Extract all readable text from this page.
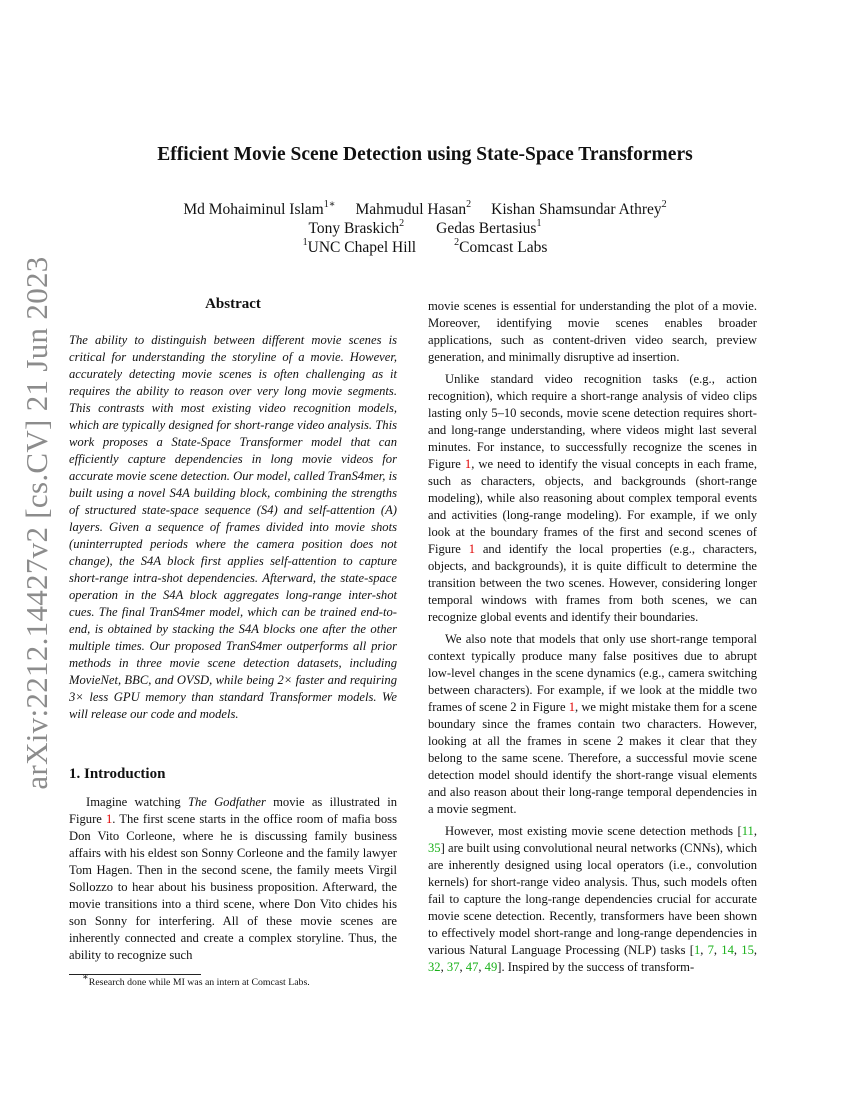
arXiv:2212.14427v2 [cs.CV] 21 Jun 2023
Efficient Movie Scene Detection using State-Space Transformers
Md Mohaiminul Islam$^{1∗}$ Mahmudul Hasan$^2$ Kishan Shamsundar Athrey$^2$
Tony Braskich$^2$ Gedas Bertasius$^1$
$^1$UNC Chapel Hill	$^2$Comcast Labs
Abstract

The ability to distinguish between different movie scenes is critical for understanding the storyline of a movie. However, accurately detecting movie scenes is often challenging as it requires the ability to reason over very long movie segments. This contrasts with most existing video recognition models, which are typically designed for short-range video analysis. This work proposes a State-Space Transformer model that can efficiently capture dependencies in long movie videos for accurate movie scene detection. Our model, called TranS4mer, is built using a novel S4A building block, combining the strengths of structured state-space sequence (S4) and self-attention (A) layers. Given a sequence of frames divided into movie shots (uninterrupted periods where the camera position does not change), the S4A block first applies self-attention to capture short-range intra-shot dependencies. Afterward, the state-space operation in the S4A block aggregates long-range inter-shot cues. The final TranS4mer model, which can be trained end-to-end, is obtained by stacking the S4A blocks one after the other multiple times. Our proposed TranS4mer outperforms all prior methods in three movie scene detection datasets, including MovieNet, BBC, and OVSD, while being 2× faster and requiring 3× less GPU memory than standard Transformer models. We will release our code and models.

1. Introduction

Imagine watching The Godfather movie as illustrated in Figure 1. The first scene starts in the office room of mafia boss Don Vito Corleone, where he is discussing family business affairs with his eldest son Sonny Corleone and the family lawyer Tom Hagen. Then in the second scene, the family meets Virgil Sollozzo to hear about his business proposition. Afterward, the movie transitions into a third scene, where Don Vito chides his son Sonny for interfering. All of these movie scenes are inherently connected and create a complex storyline. Thus, the ability to recognize such

∗Research done while MI was an intern at Comcast Labs.

movie scenes is essential for understanding the plot of a movie. Moreover, identifying movie scenes enables broader applications, such as content-driven video search, preview generation, and minimally disruptive ad insertion.

Unlike standard video recognition tasks (e.g., action recognition), which require a short-range analysis of video clips lasting only 5–10 seconds, movie scene detection requires short- and long-range understanding, where videos might last several minutes. For instance, to successfully recognize the scenes in Figure 1, we need to identify the visual concepts in each frame, such as characters, objects, and backgrounds (short-range modeling), while also reasoning about complex temporal events and activities (long-range modeling). For example, if we only look at the boundary frames of the first and second scenes of Figure 1 and identify the local properties (e.g., characters, objects, and backgrounds), it is quite difficult to determine the transition between the two scenes. However, considering longer temporal windows with frames from both scenes, we can recognize global events and identify their boundaries.

We also note that models that only use short-range temporal context typically produce many false positives due to abrupt low-level changes in the scene dynamics (e.g., camera switching between characters). For example, if we look at the middle two frames of scene 2 in Figure 1, we might mistake them for a scene boundary since the frames contain two characters. However, looking at all the frames in scene 2 makes it clear that they belong to the same scene. Therefore, a successful movie scene detection model should identify the short-range visual elements and also reason about their long-range temporal dependencies in a movie segment.

However, most existing movie scene detection methods [11, 35] are built using convolutional neural networks (CNNs), which are inherently designed using local operators (i.e., convolution kernels) for short-range video analysis. Thus, such models often fail to capture the long-range dependencies crucial for accurate movie scene detection. Recently, transformers have been shown to effectively model short-range and long-range dependencies in various Natural Language Processing (NLP) tasks [1, 7, 14, 15, 32, 37, 47, 49]. Inspired by the success of transform-
